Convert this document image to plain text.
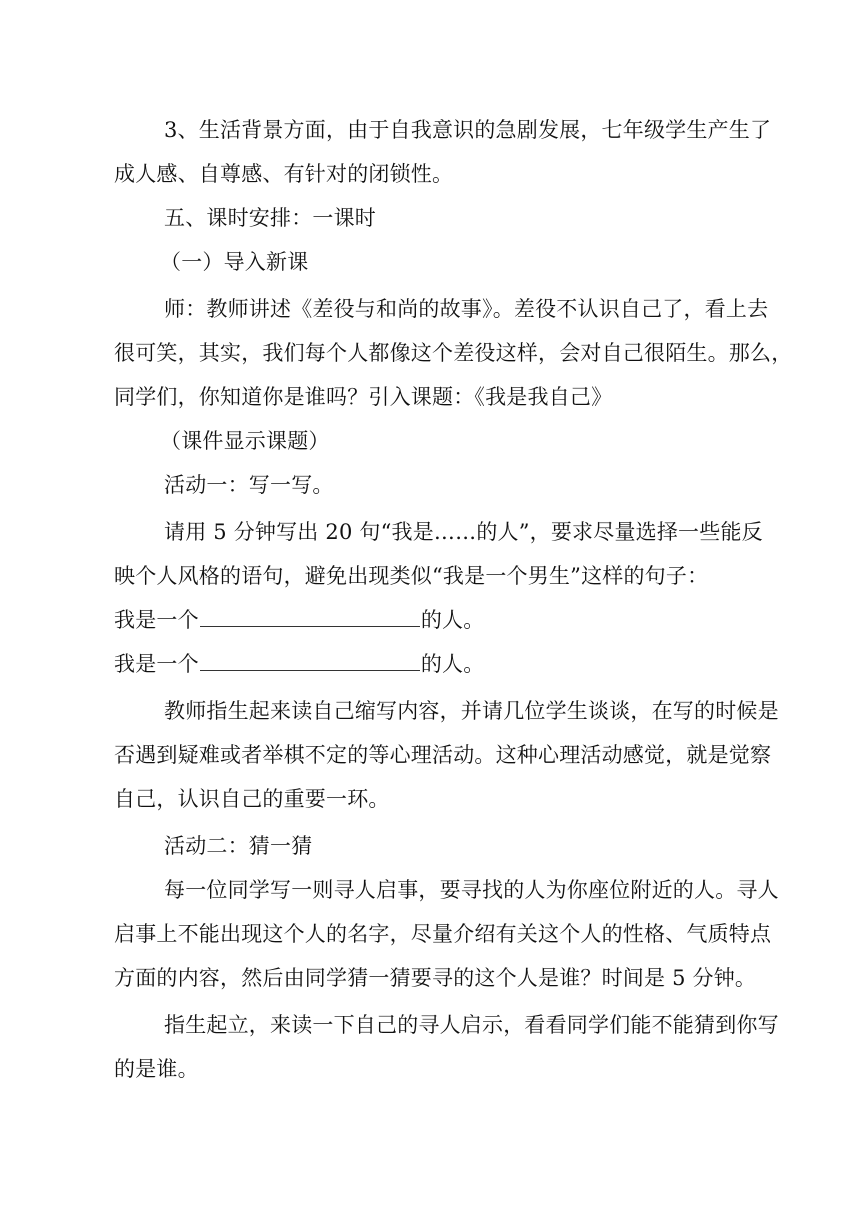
3、生活背景方面，由于自我意识的急剧发展，七年级学生产生了
成人感、自尊感、有针对的闭锁性。
五、课时安排：一课时
（一）导入新课
师：教师讲述《差役与和尚的故事》。差役不认识自己了，看上去
很可笑，其实，我们每个人都像这个差役这样，会对自己很陌生。那么，
同学们，你知道你是谁吗？引入课题：《我是我自己》
（课件显示课题）
活动一：写一写。
请用 5 分钟写出 20 句“我是……的人”，要求尽量选择一些能反
映个人风格的语句，避免出现类似“我是一个男生”这样的句子：
我是一个	的人。
我是一个	的人。
教师指生起来读自己缩写内容，并请几位学生谈谈，在写的时候是
否遇到疑难或者举棋不定的等心理活动。这种心理活动感觉，就是觉察
自己，认识自己的重要一环。
活动二：猜一猜
每一位同学写一则寻人启事，要寻找的人为你座位附近的人。寻人
启事上不能出现这个人的名字，尽量介绍有关这个人的性格、气质特点
方面的内容，然后由同学猜一猜要寻的这个人是谁？时间是 5 分钟。
指生起立，来读一下自己的寻人启示，看看同学们能不能猜到你写
的是谁。
